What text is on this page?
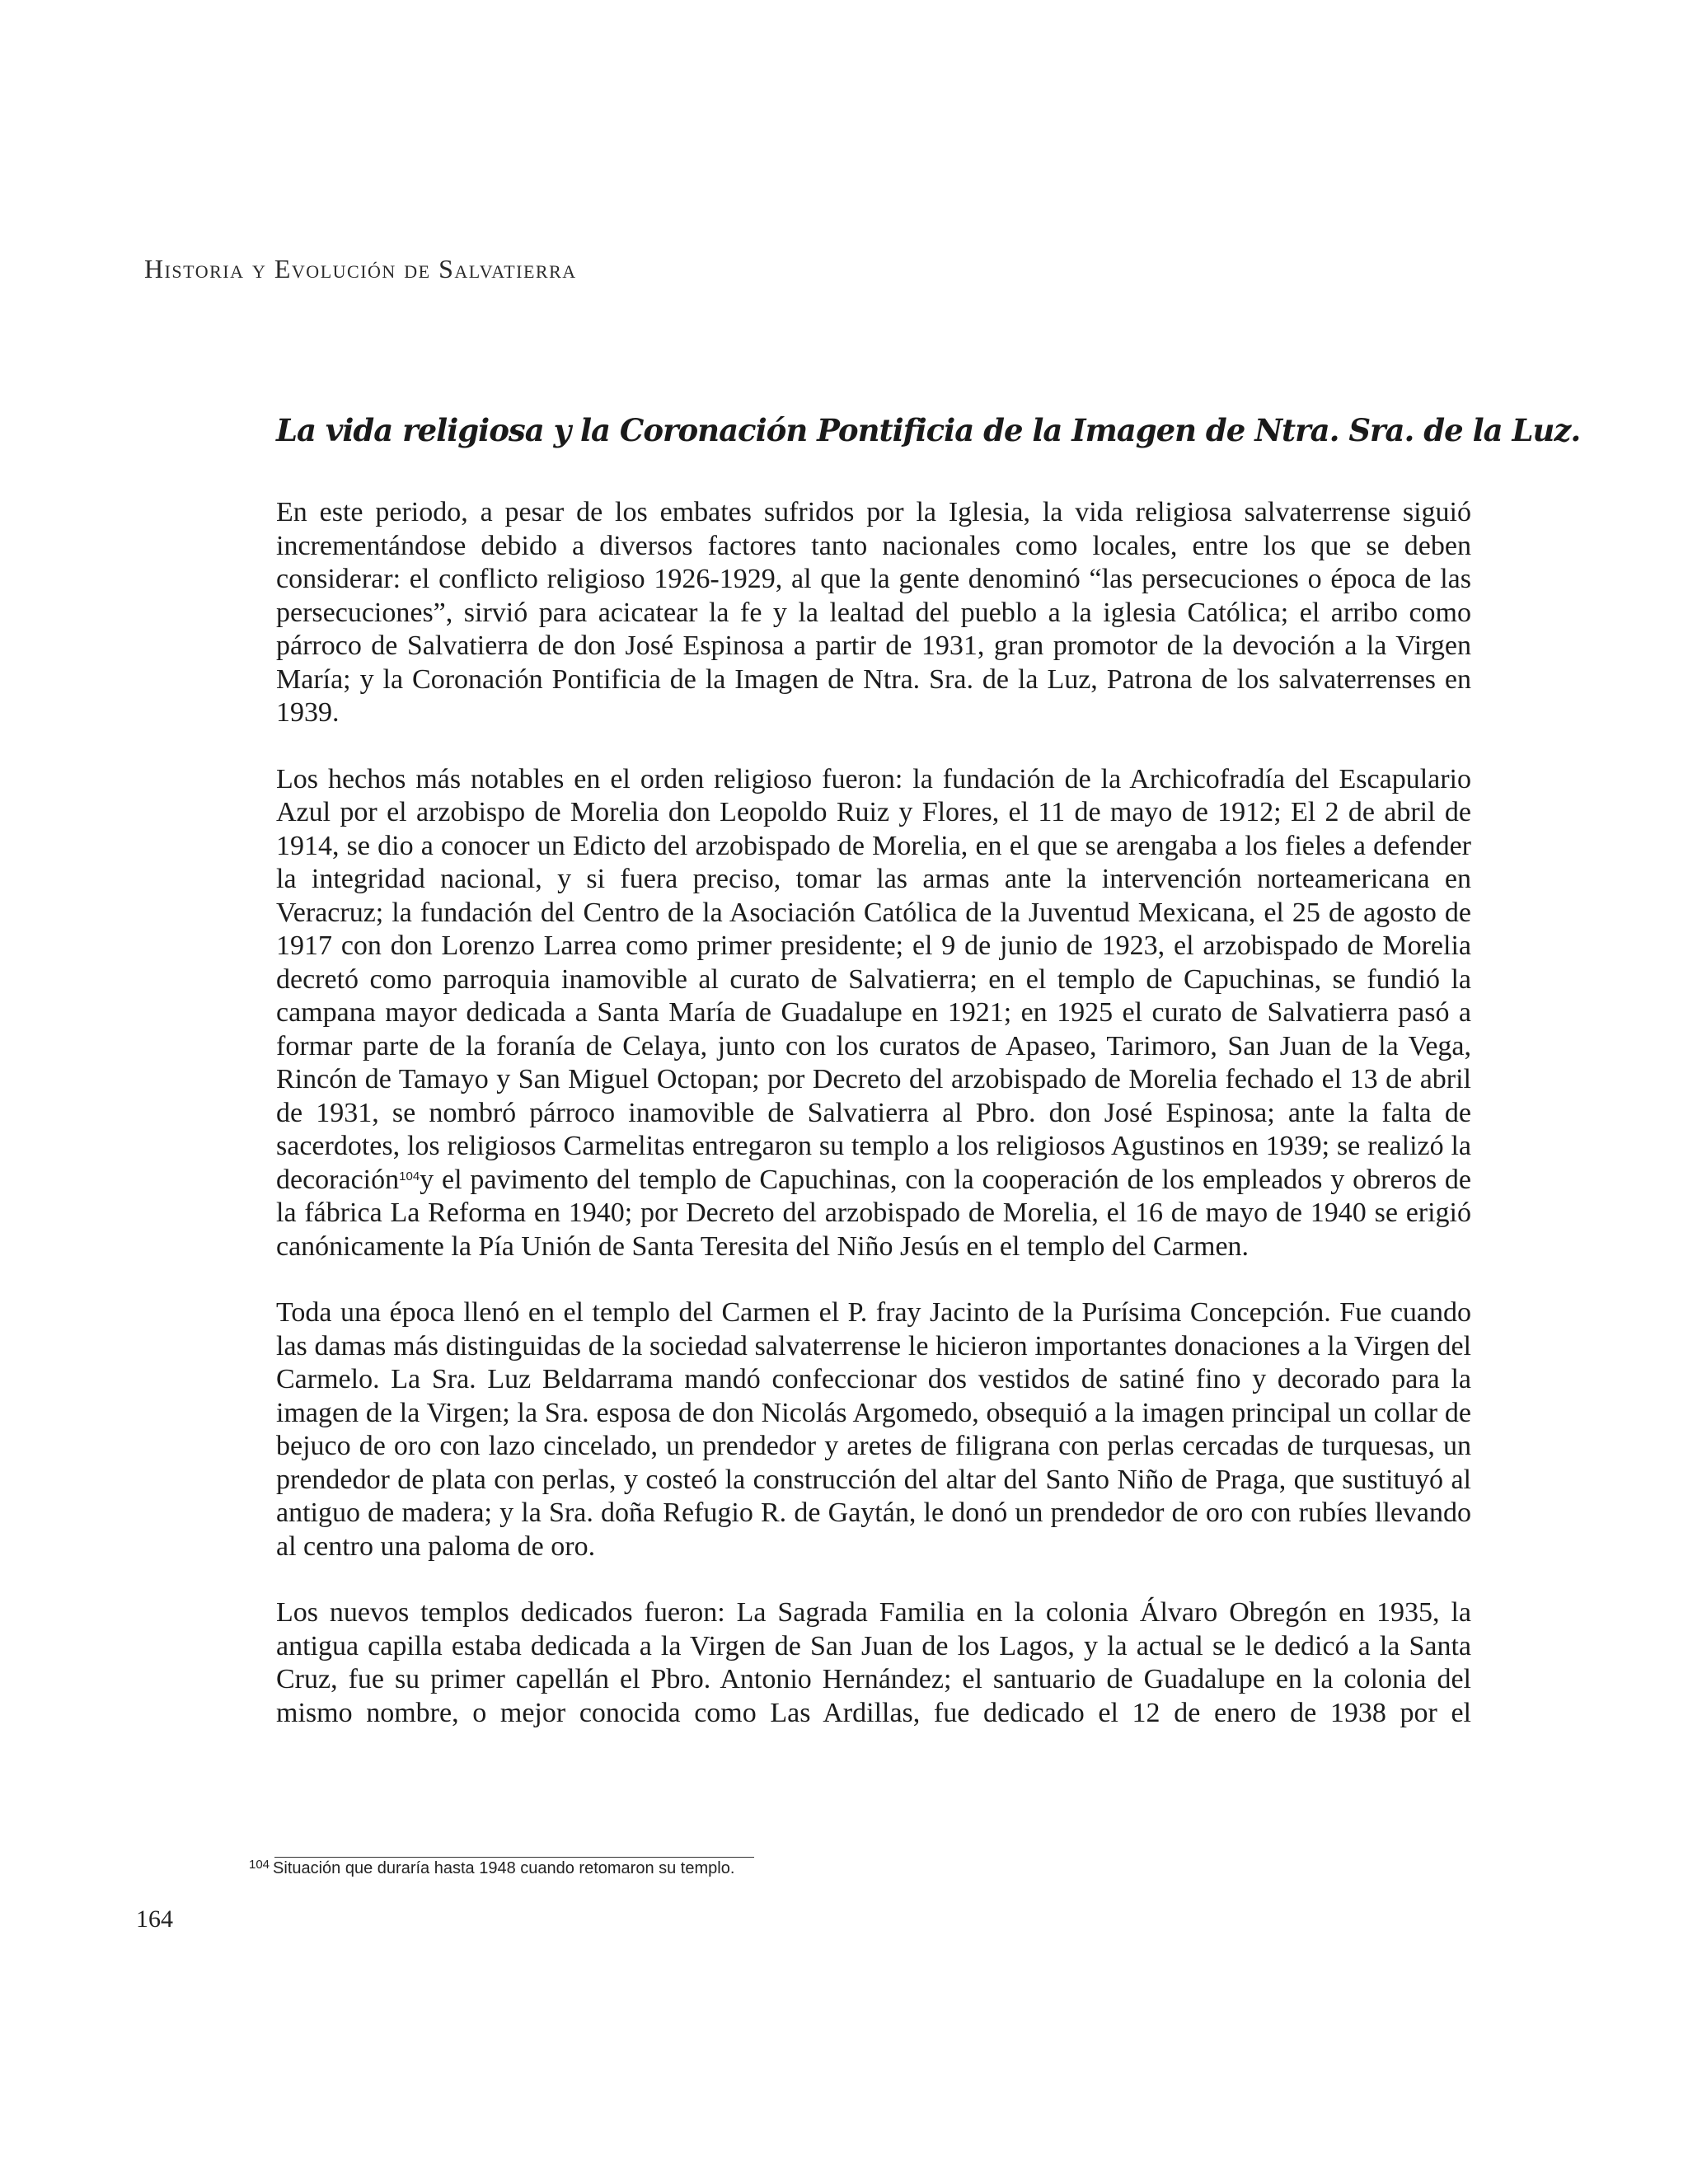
Historia y Evolución de Salvatierra
La vida religiosa y la Coronación Pontificia de la Imagen de Ntra. Sra. de la Luz.

En este periodo, a pesar de los embates sufridos por la Iglesia, la vida religiosa salvaterrense siguió incrementándose debido a diversos factores tanto nacionales como locales, entre los que se deben considerar: el conflicto religioso 1926-1929, al que la gente denominó “las persecuciones o época de las persecuciones”, sirvió para acicatear la fe y la lealtad del pueblo a la iglesia Católica; el arribo como párroco de Salvatierra de don José Espinosa a partir de 1931, gran promotor de la devoción a la Virgen María; y la Coronación Pontificia de la Imagen de Ntra. Sra. de la Luz, Patrona de los salvaterrenses en 1939.

Los hechos más notables en el orden religioso fueron: la fundación de la Archicofradía del Escapulario Azul por el arzobispo de Morelia don Leopoldo Ruiz y Flores, el 11 de mayo de 1912; El 2 de abril de 1914, se dio a conocer un Edicto del arzobispado de Morelia, en el que se arengaba a los fieles a defender la integridad nacional, y si fuera preciso, tomar las armas ante la intervención norteamericana en Veracruz; la fundación del Centro de la Asociación Católica de la Juventud Mexicana, el 25 de agosto de 1917 con don Lorenzo Larrea como primer presidente; el 9 de junio de 1923, el arzobispado de Morelia decretó como parroquia inamovible al curato de Salvatierra; en el templo de Capuchinas, se fundió la campana mayor dedicada a Santa María de Guadalupe en 1921; en 1925 el curato de Salvatierra pasó a formar parte de la foranía de Celaya, junto con los curatos de Apaseo, Tarimoro, San Juan de la Vega, Rincón de Tamayo y San Miguel Octopan; por Decreto del arzobispado de Morelia fechado el 13 de abril de 1931, se nombró párroco inamovible de Salvatierra al Pbro. don José Espinosa; ante la falta de sacerdotes, los religiosos Carmelitas entregaron su templo a los religiosos Agustinos en 1939; se realizó la decoración$^{104}$y el pavimento del templo de Capuchinas, con la cooperación de los empleados y obreros de la fábrica La Reforma en 1940; por Decreto del arzobispado de Morelia, el 16 de mayo de 1940 se erigió canónicamente la Pía Unión de Santa Teresita del Niño Jesús en el templo del Carmen.

Toda una época llenó en el templo del Carmen el P. fray Jacinto de la Purísima Concepción. Fue cuando las damas más distinguidas de la sociedad salvaterrense le hicieron importantes donaciones a la Virgen del Carmelo. La Sra. Luz Beldarrama mandó confeccionar dos vestidos de satiné fino y decorado para la imagen de la Virgen; la Sra. esposa de don Nicolás Argomedo, obsequió a la imagen principal un collar de bejuco de oro con lazo cincelado, un prendedor y aretes de filigrana con perlas cercadas de turquesas, un prendedor de plata con perlas, y costeó la construcción del altar del Santo Niño de Praga, que sustituyó al antiguo de madera; y la Sra. doña Refugio R. de Gaytán, le donó un prendedor de oro con rubíes llevando al centro una paloma de oro.

Los nuevos templos dedicados fueron: La Sagrada Familia en la colonia Álvaro Obregón en 1935, la antigua capilla estaba dedicada a la Virgen de San Juan de los Lagos, y la actual se le dedicó a la Santa Cruz, fue su primer capellán el Pbro. Antonio Hernández; el santuario de Guadalupe en la colonia del mismo nombre, o mejor conocida como Las Ardillas, fue dedicado el 12 de enero de 1938 por el

$^{104}$ Situación que duraría hasta 1948 cuando retomaron su templo.
164
